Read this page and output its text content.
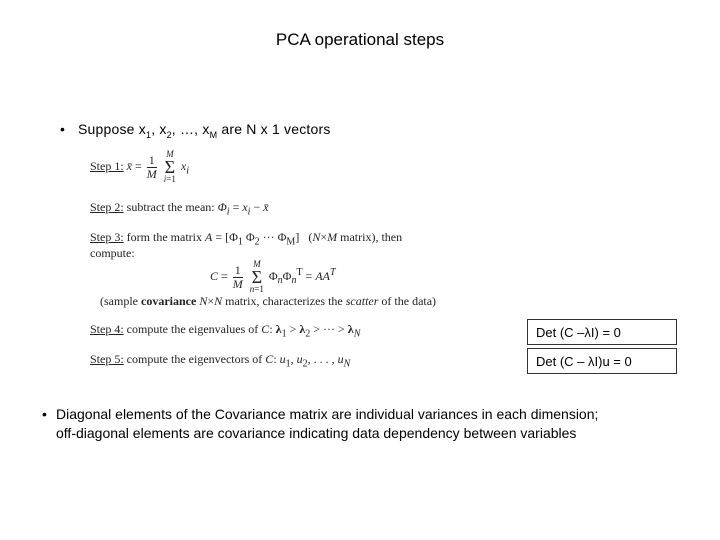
PCA operational steps
• Suppose $x_1$, $x_2$, …, $x_M$ are N x 1 vectors
Step 1: x̄ = $\frac{1}{M}$ M
Σ
i=1 $x_i$
Step 2: subtract the mean: $\Phi_i = x_i$ − x̄
Step 3: form the matrix $A = [\Phi_1$ $\Phi_2$ ··· $\Phi_M$]   (N×M matrix), then
compute:
$C = \frac{1}{M}$ M
Σ
n=1 $\Phi_n\Phi_n^T = AA^T$
(sample covariance N×N matrix, characterizes the scatter of the data)
Step 4: compute the eigenvalues of C: $\lambda_1 > \lambda_2$ > ··· > $\lambda_N$
Step 5: compute the eigenvectors of C: $u_1$, $u_2$, . . . , $u_N$
Det (C –λI) = 0
Det (C – λI)u = 0
• Diagonal elements of the Covariance matrix are individual variances in each dimension;
off-diagonal elements are covariance indicating data dependency between variables
